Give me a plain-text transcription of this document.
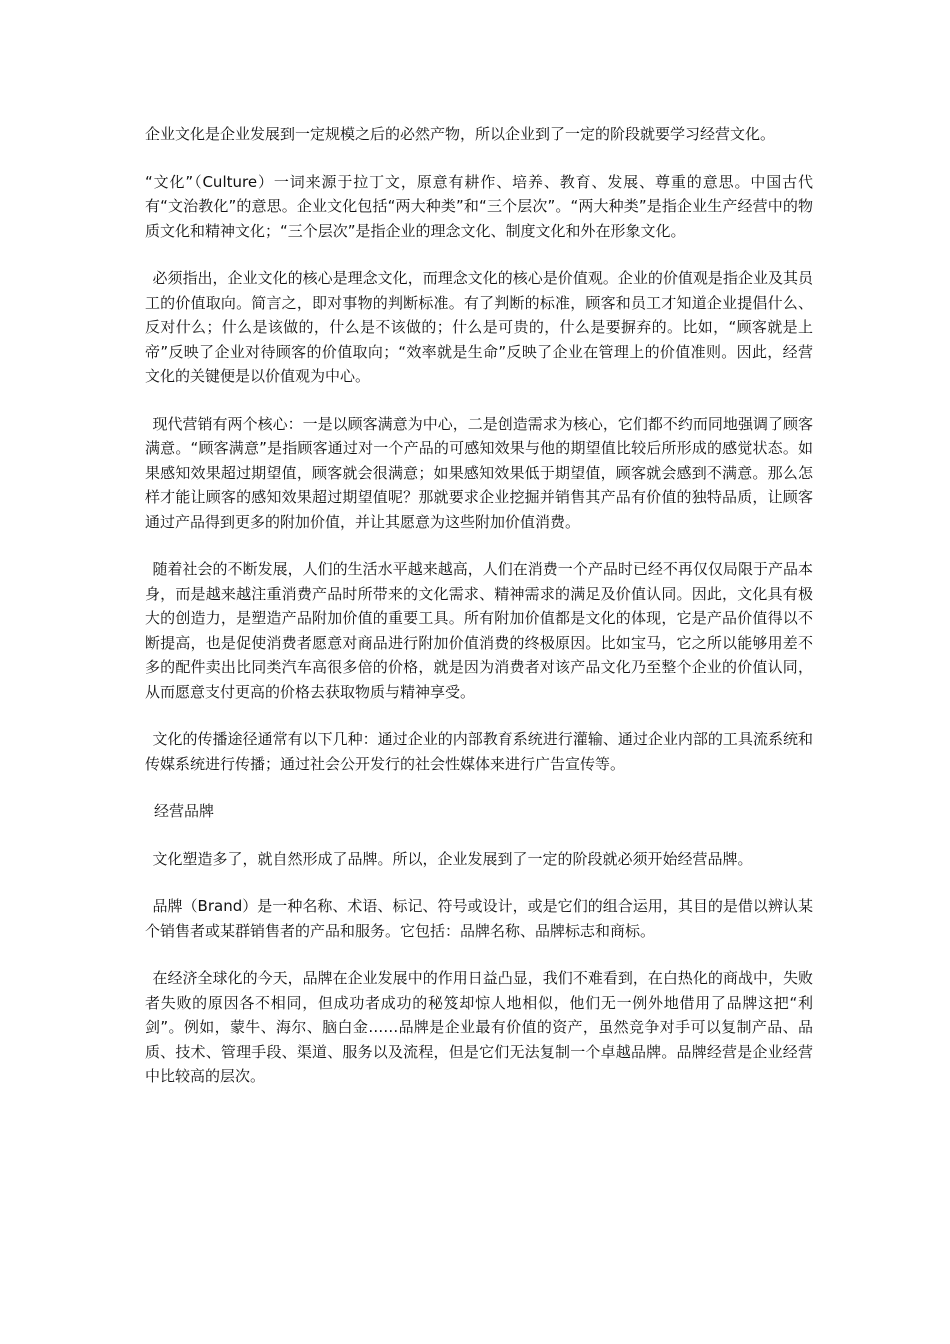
企业文化是企业发展到一定规模之后的必然产物，所以企业到了一定的阶段就要学习经营文化。

“文化”（Culture）一词来源于拉丁文，原意有耕作、培养、教育、发展、尊重的意思。中国古代有“文治教化”的意思。企业文化包括“两大种类”和“三个层次”。“两大种类”是指企业生产经营中的物质文化和精神文化；“三个层次”是指企业的理念文化、制度文化和外在形象文化。

必须指出，企业文化的核心是理念文化，而理念文化的核心是价值观。企业的价值观是指企业及其员工的价值取向。简言之，即对事物的判断标准。有了判断的标准，顾客和员工才知道企业提倡什么、反对什么；什么是该做的，什么是不该做的；什么是可贵的，什么是要摒弃的。比如，“顾客就是上帝”反映了企业对待顾客的价值取向；“效率就是生命”反映了企业在管理上的价值准则。因此，经营文化的关键便是以价值观为中心。

现代营销有两个核心：一是以顾客满意为中心，二是创造需求为核心，它们都不约而同地强调了顾客满意。“顾客满意”是指顾客通过对一个产品的可感知效果与他的期望值比较后所形成的感觉状态。如果感知效果超过期望值，顾客就会很满意；如果感知效果低于期望值，顾客就会感到不满意。那么怎样才能让顾客的感知效果超过期望值呢？那就要求企业挖掘并销售其产品有价值的独特品质，让顾客通过产品得到更多的附加价值，并让其愿意为这些附加价值消费。

随着社会的不断发展，人们的生活水平越来越高，人们在消费一个产品时已经不再仅仅局限于产品本身，而是越来越注重消费产品时所带来的文化需求、精神需求的满足及价值认同。因此，文化具有极大的创造力，是塑造产品附加价值的重要工具。所有附加价值都是文化的体现，它是产品价值得以不断提高，也是促使消费者愿意对商品进行附加价值消费的终极原因。比如宝马，它之所以能够用差不多的配件卖出比同类汽车高很多倍的价格，就是因为消费者对该产品文化乃至整个企业的价值认同，从而愿意支付更高的价格去获取物质与精神享受。

文化的传播途径通常有以下几种：通过企业的内部教育系统进行灌输、通过企业内部的工具流系统和传媒系统进行传播；通过社会公开发行的社会性媒体来进行广告宣传等。

经营品牌

文化塑造多了，就自然形成了品牌。所以，企业发展到了一定的阶段就必须开始经营品牌。

品牌（Brand）是一种名称、术语、标记、符号或设计，或是它们的组合运用，其目的是借以辨认某个销售者或某群销售者的产品和服务。它包括：品牌名称、品牌标志和商标。

在经济全球化的今天，品牌在企业发展中的作用日益凸显，我们不难看到，在白热化的商战中，失败者失败的原因各不相同，但成功者成功的秘笈却惊人地相似，他们无一例外地借用了品牌这把“利剑”。例如，蒙牛、海尔、脑白金……品牌是企业最有价值的资产，虽然竞争对手可以复制产品、品质、技术、管理手段、渠道、服务以及流程，但是它们无法复制一个卓越品牌。品牌经营是企业经营中比较高的层次。
